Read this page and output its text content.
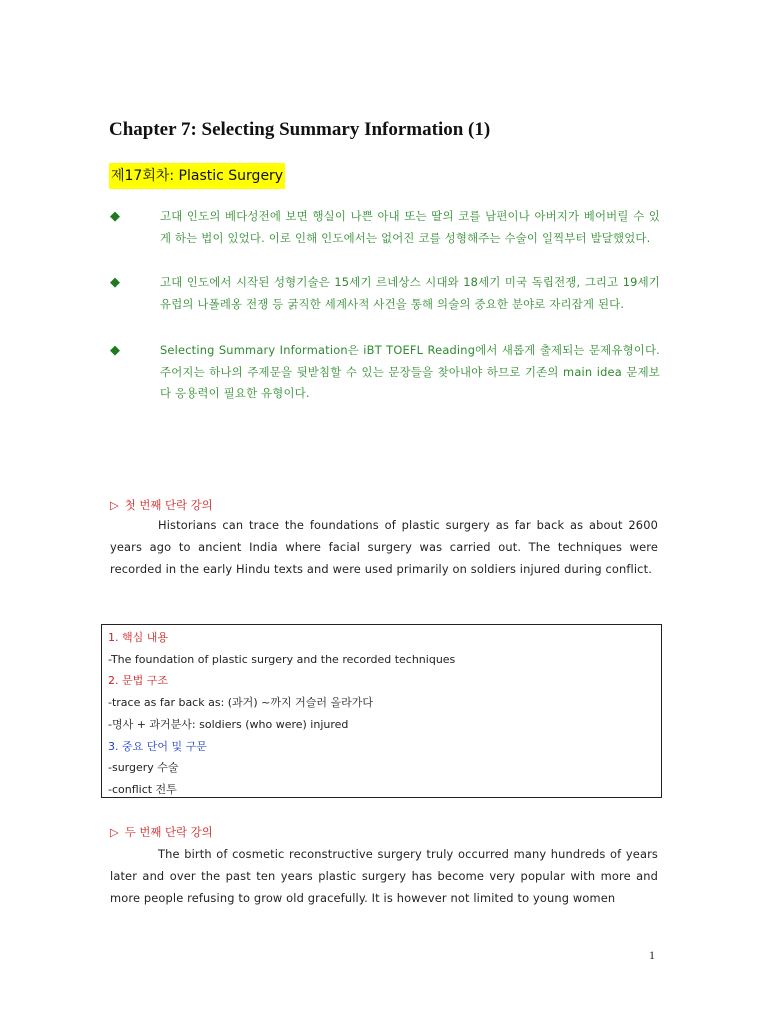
Chapter 7: Selecting Summary Information (1)
제17회차: Plastic Surgery
◆	고대 인도의 베다성전에 보면 행실이 나쁜 아내 또는 딸의 코를 남편이나 아버지가 베어버릴 수 있게 하는 법이 있었다. 이로 인해 인도에서는 없어진 코를 성형해주는 수술이 일찍부터 발달했었다.
◆	고대 인도에서 시작된 성형기술은 15세기 르네상스 시대와 18세기 미국 독립전쟁, 그리고 19세기 유럽의 나폴레옹 전쟁 등 굵직한 세계사적 사건을 통해 의술의 중요한 분야로 자리잡게 된다.
◆	Selecting Summary Information은 iBT TOEFL Reading에서 새롭게 출제되는 문제유형이다. 주어지는 하나의 주제문을 뒷받침할 수 있는 문장들을 찾아내야 하므로 기존의 main idea 문제보다 응용력이 필요한 유형이다.
▷ 첫 번째 단락 강의
Historians can trace the foundations of plastic surgery as far back as about 2600 years ago to ancient India where facial surgery was carried out. The techniques were recorded in the early Hindu texts and were used primarily on soldiers injured during conflict.
1. 핵심 내용
-The foundation of plastic surgery and the recorded techniques
2. 문법 구조
-trace as far back as: (과거) ~까지 거슬러 올라가다
-명사 + 과거분사: soldiers (who were) injured
3. 중요 단어 및 구문
-surgery 수술
-conflict 전투
▷ 두 번째 단락 강의
The birth of cosmetic reconstructive surgery truly occurred many hundreds of years later and over the past ten years plastic surgery has become very popular with more and more people refusing to grow old gracefully. It is however not limited to young women
1
